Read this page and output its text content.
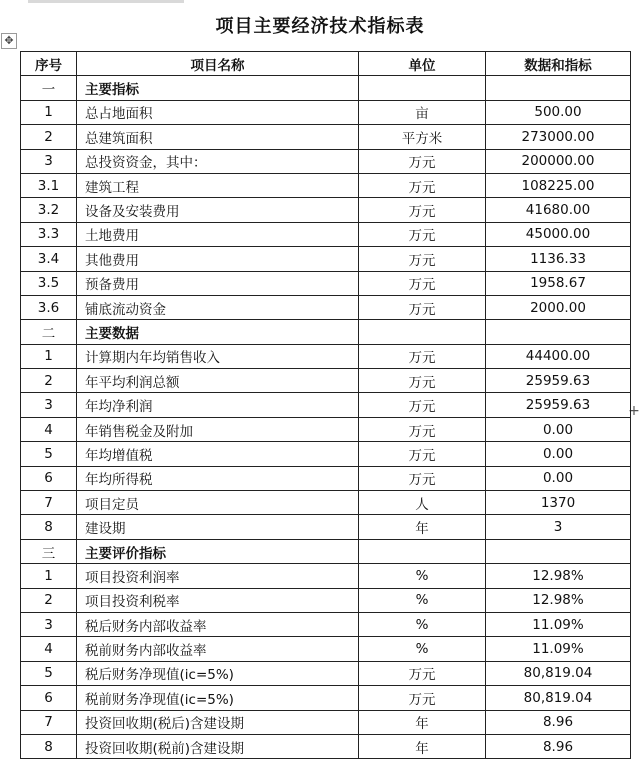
✥
+
项目主要经济技术指标表
序号	项目名称	单位	数据和指标
一	主要指标		
1	总占地面积	亩	500.00
2	总建筑面积	平方米	273000.00
3	总投资资金，其中：	万元	200000.00
3.1	建筑工程	万元	108225.00
3.2	设备及安装费用	万元	41680.00
3.3	土地费用	万元	45000.00
3.4	其他费用	万元	1136.33
3.5	预备费用	万元	1958.67
3.6	铺底流动资金	万元	2000.00
二	主要数据		
1	计算期内年均销售收入	万元	44400.00
2	年平均利润总额	万元	25959.63
3	年均净利润	万元	25959.63
4	年销售税金及附加	万元	0.00
5	年均增值税	万元	0.00
6	年均所得税	万元	0.00
7	项目定员	人	1370
8	建设期	年	3
三	主要评价指标		
1	项目投资利润率	%	12.98%
2	项目投资利税率	%	12.98%
3	税后财务内部收益率	%	11.09%
4	税前财务内部收益率	%	11.09%
5	税后财务净现值(ic=5%)	万元	80,819.04
6	税前财务净现值(ic=5%)	万元	80,819.04
7	投资回收期(税后)含建设期	年	8.96
8	投资回收期(税前)含建设期	年	8.96
